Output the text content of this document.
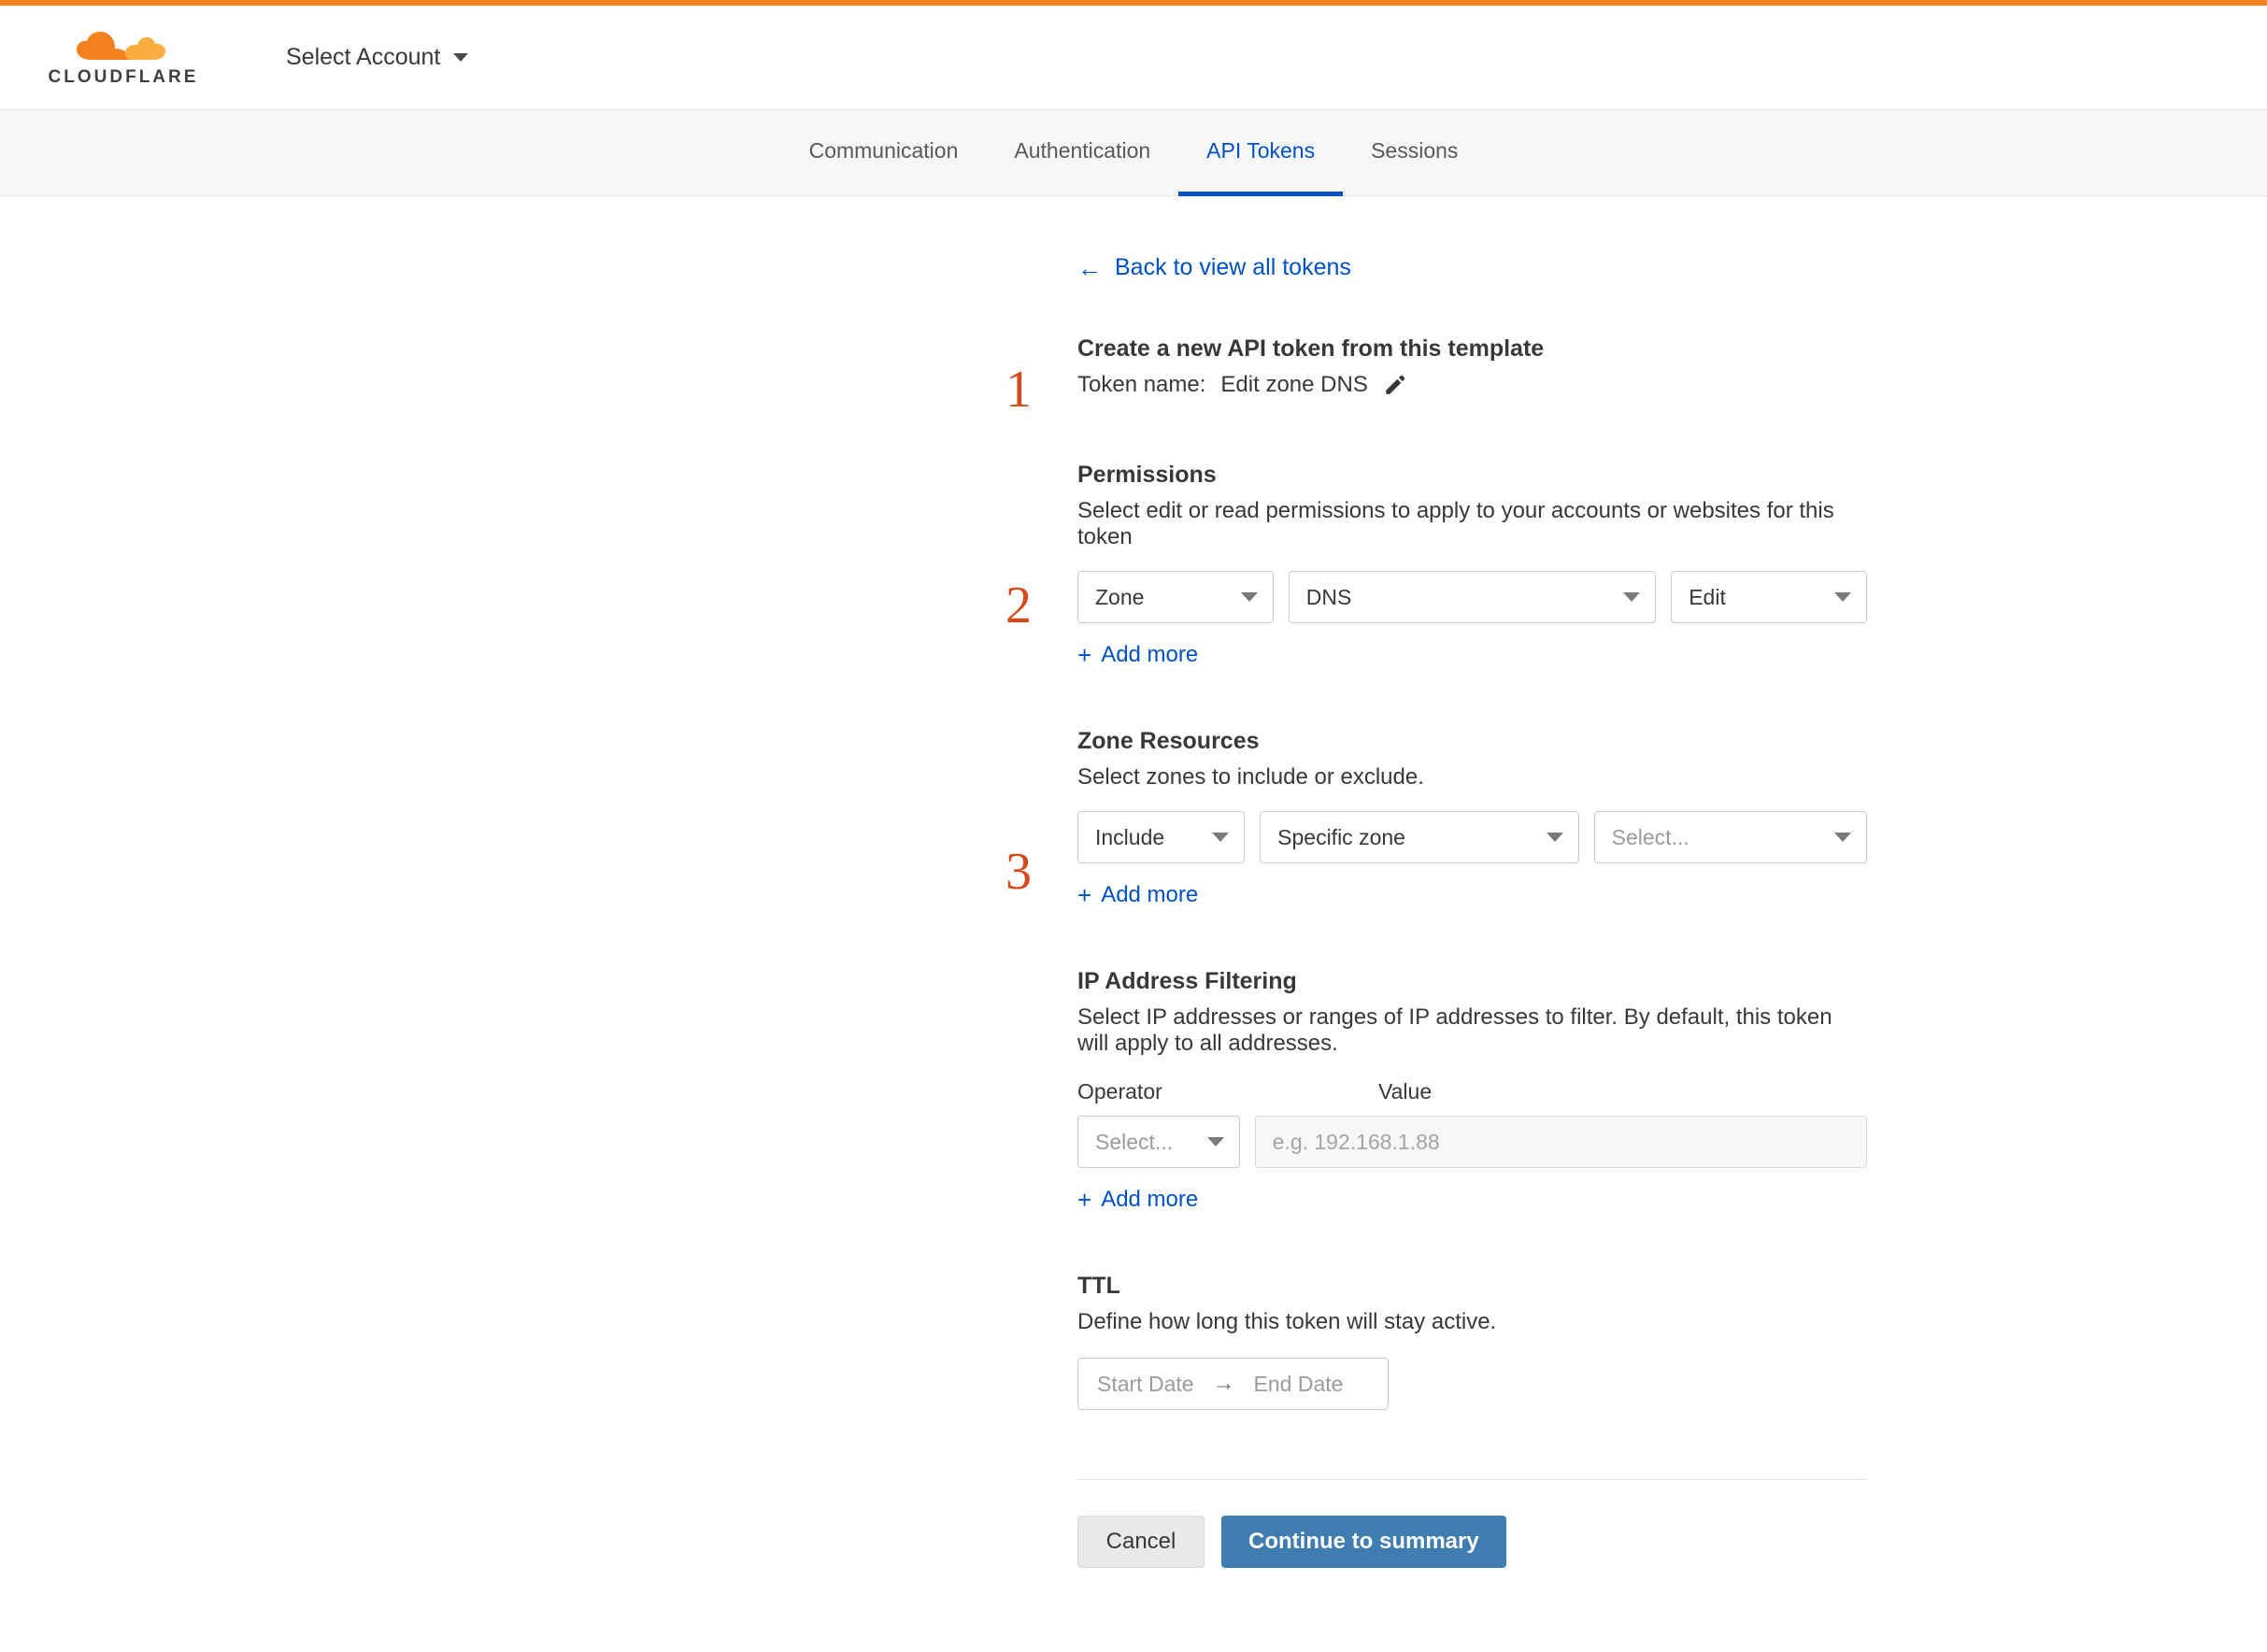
CLOUDFLARE
Select Account
Communication	Authentication	API Tokens	Sessions
← Back to view all tokens
1
Create a new API token from this template
Token name: Edit zone DNS
2
Permissions

Select edit or read permissions to apply to your accounts or websites for this token

Zone	DNS	Edit
+ Add more
3
Zone Resources

Select zones to include or exclude.

Include	Specific zone	Select...
+ Add more
IP Address Filtering

Select IP addresses or ranges of IP addresses to filter. By default, this token will apply to all addresses.

Operator	Value
Select...	e.g. 192.168.1.88
+ Add more
TTL

Define how long this token will stay active.

Start Date → End Date
Cancel	Continue to summary
